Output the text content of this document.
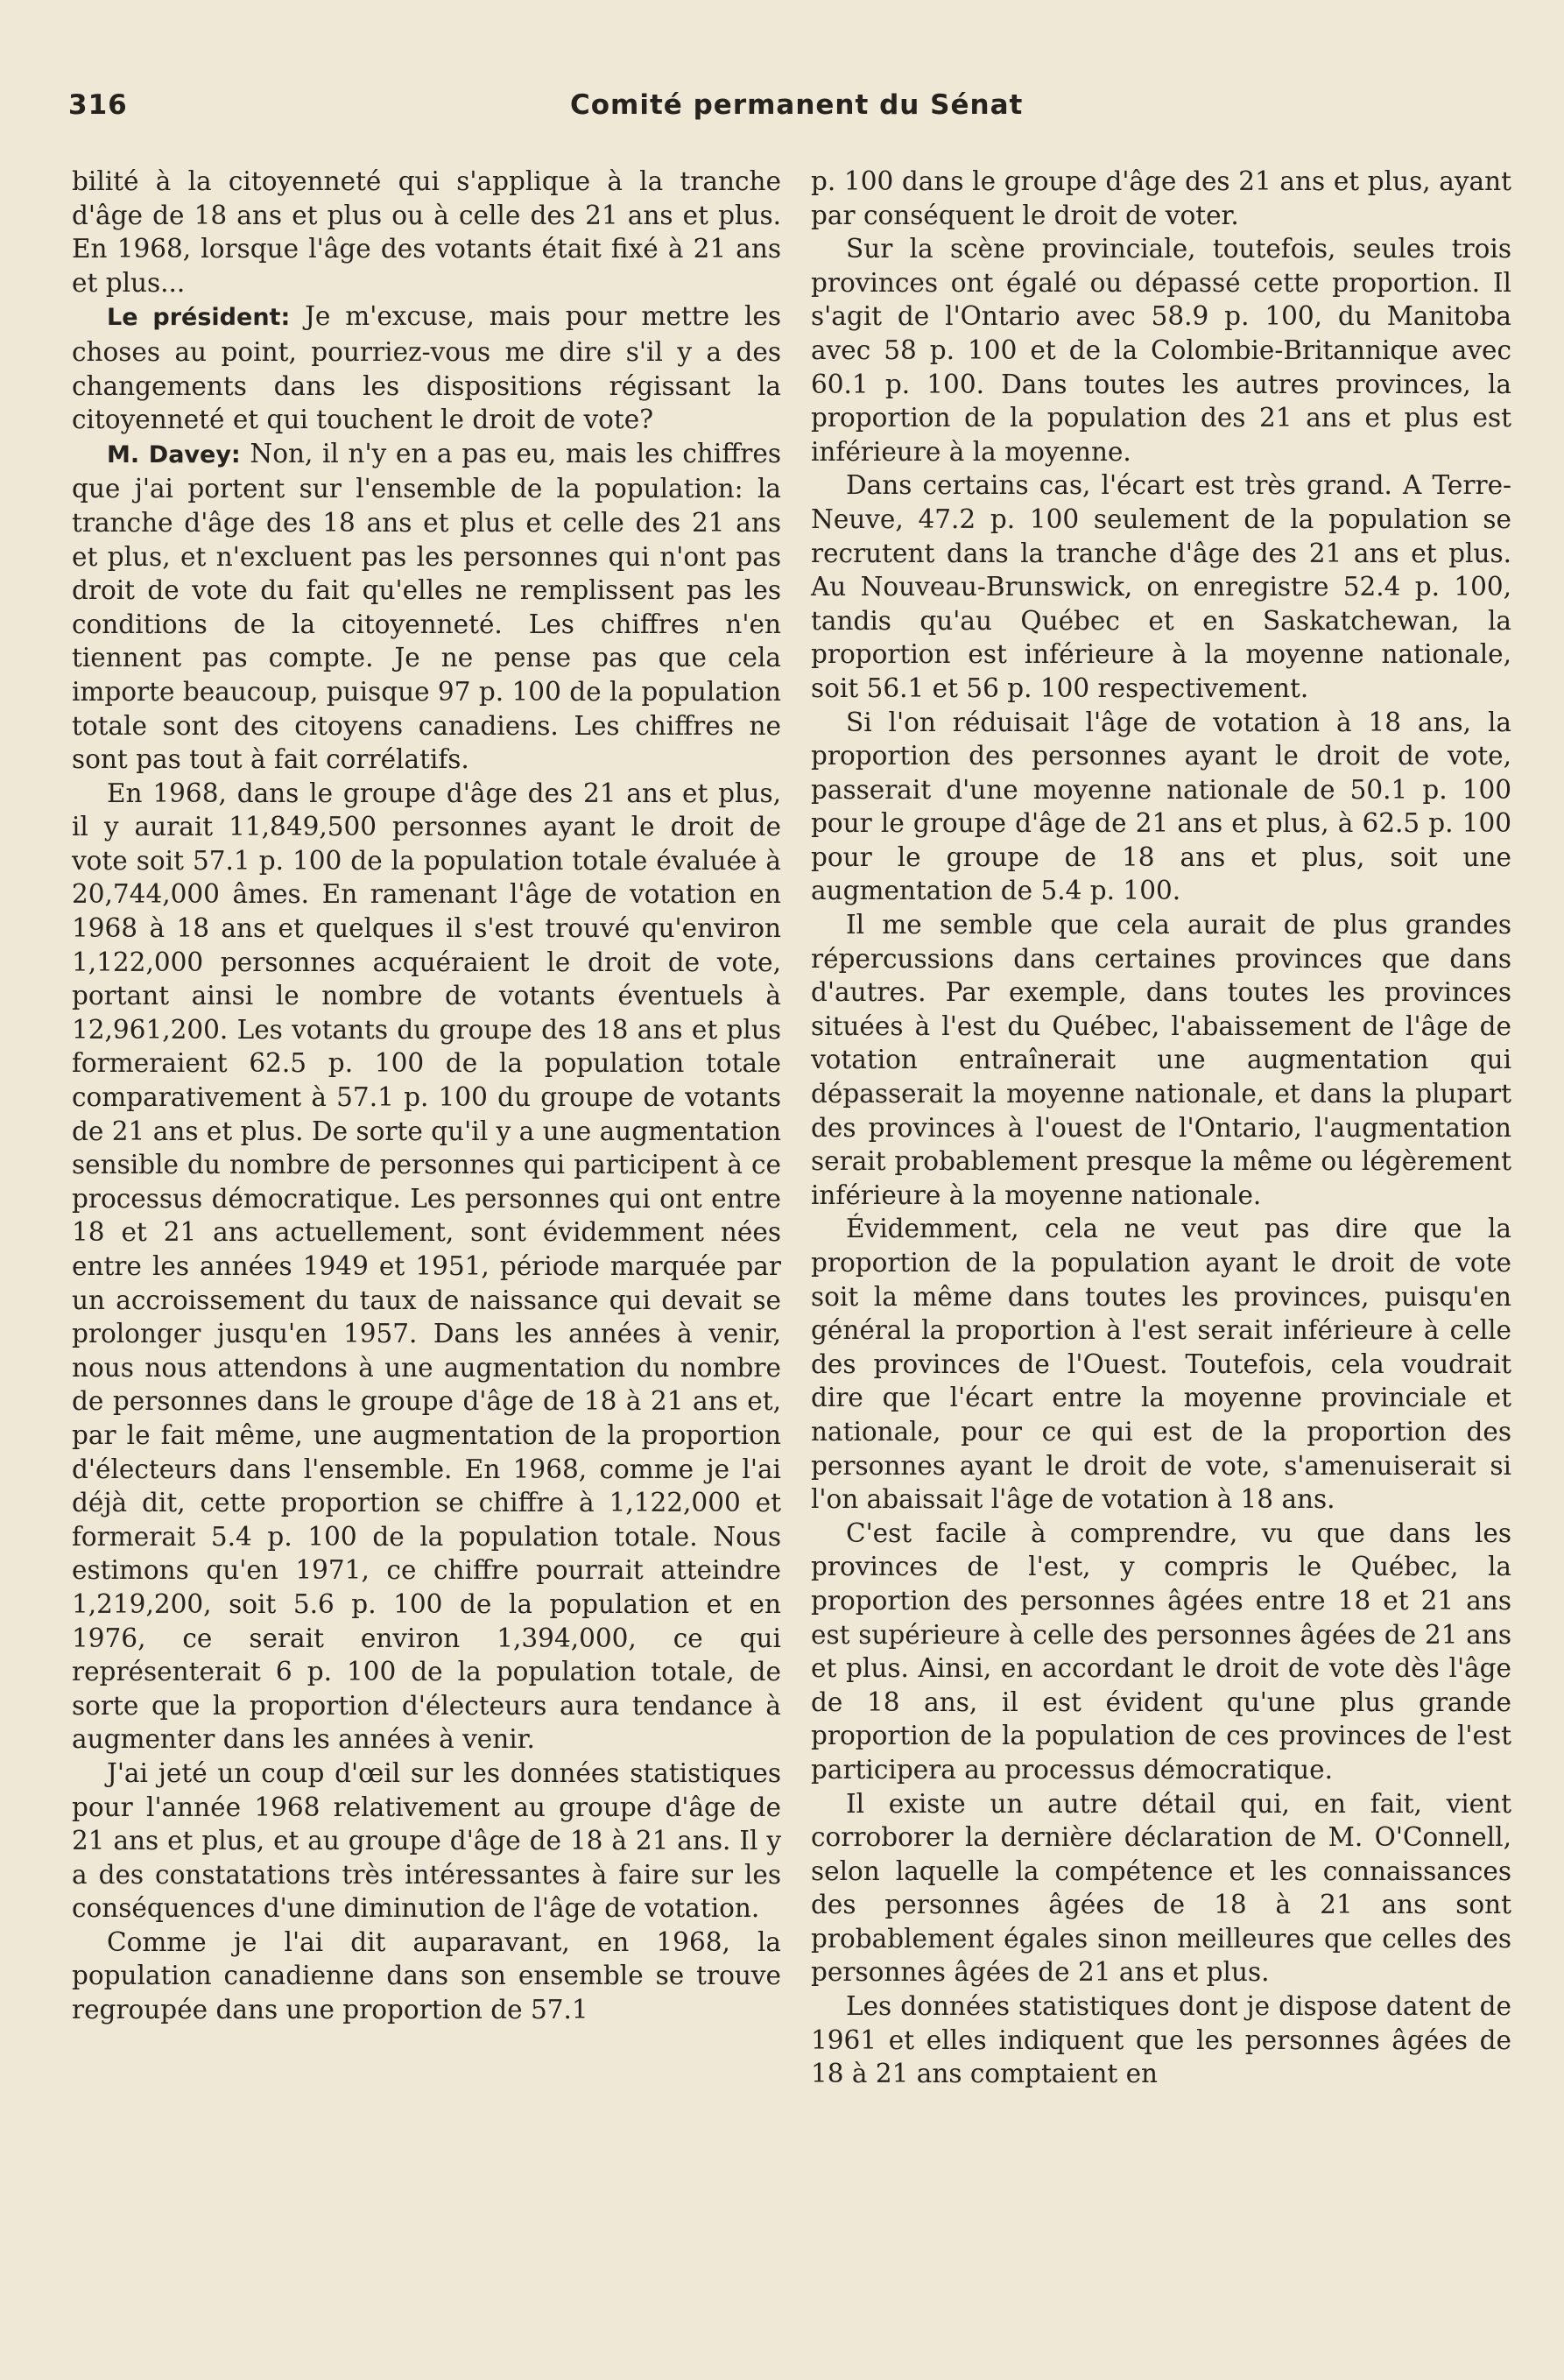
316	Comité permanent du Sénat

bilité à la citoyenneté qui s'applique à la tranche d'âge de 18 ans et plus ou à celle des 21 ans et plus. En 1968, lorsque l'âge des votants était fixé à 21 ans et plus...

Le président: Je m'excuse, mais pour mettre les choses au point, pourriez-vous me dire s'il y a des changements dans les dispositions régissant la citoyenneté et qui touchent le droit de vote?

M. Davey: Non, il n'y en a pas eu, mais les chiffres que j'ai portent sur l'ensemble de la population: la tranche d'âge des 18 ans et plus et celle des 21 ans et plus, et n'excluent pas les personnes qui n'ont pas droit de vote du fait qu'elles ne remplissent pas les conditions de la citoyenneté. Les chiffres n'en tiennent pas compte. Je ne pense pas que cela importe beaucoup, puisque 97 p. 100 de la population totale sont des citoyens canadiens. Les chiffres ne sont pas tout à fait corrélatifs.

En 1968, dans le groupe d'âge des 21 ans et plus, il y aurait 11,849,500 personnes ayant le droit de vote soit 57.1 p. 100 de la population totale évaluée à 20,744,000 âmes. En ramenant l'âge de votation en 1968 à 18 ans et quelques il s'est trouvé qu'environ 1,122,000 personnes acquéraient le droit de vote, portant ainsi le nombre de votants éventuels à 12,961,200. Les votants du groupe des 18 ans et plus formeraient 62.5 p. 100 de la population totale comparativement à 57.1 p. 100 du groupe de votants de 21 ans et plus. De sorte qu'il y a une augmentation sensible du nombre de personnes qui participent à ce processus démocratique. Les personnes qui ont entre 18 et 21 ans actuellement, sont évidemment nées entre les années 1949 et 1951, période marquée par un accroissement du taux de naissance qui devait se prolonger jusqu'en 1957. Dans les années à venir, nous nous attendons à une augmentation du nombre de personnes dans le groupe d'âge de 18 à 21 ans et, par le fait même, une augmentation de la proportion d'électeurs dans l'ensemble. En 1968, comme je l'ai déjà dit, cette proportion se chiffre à 1,122,000 et formerait 5.4 p. 100 de la population totale. Nous estimons qu'en 1971, ce chiffre pourrait atteindre 1,219,200, soit 5.6 p. 100 de la population et en 1976, ce serait environ 1,394,000, ce qui représenterait 6 p. 100 de la population totale, de sorte que la proportion d'électeurs aura tendance à augmenter dans les années à venir.

J'ai jeté un coup d'œil sur les données statistiques pour l'année 1968 relativement au groupe d'âge de 21 ans et plus, et au groupe d'âge de 18 à 21 ans. Il y a des constatations très intéressantes à faire sur les conséquences d'une diminution de l'âge de votation.

Comme je l'ai dit auparavant, en 1968, la population canadienne dans son ensemble se trouve regroupée dans une proportion de 57.1

p. 100 dans le groupe d'âge des 21 ans et plus, ayant par conséquent le droit de voter.

Sur la scène provinciale, toutefois, seules trois provinces ont égalé ou dépassé cette proportion. Il s'agit de l'Ontario avec 58.9 p. 100, du Manitoba avec 58 p. 100 et de la Colombie-Britannique avec 60.1 p. 100. Dans toutes les autres provinces, la proportion de la population des 21 ans et plus est inférieure à la moyenne.

Dans certains cas, l'écart est très grand. A Terre-Neuve, 47.2 p. 100 seulement de la population se recrutent dans la tranche d'âge des 21 ans et plus. Au Nouveau-Brunswick, on enregistre 52.4 p. 100, tandis qu'au Québec et en Saskatchewan, la proportion est inférieure à la moyenne nationale, soit 56.1 et 56 p. 100 respectivement.

Si l'on réduisait l'âge de votation à 18 ans, la proportion des personnes ayant le droit de vote, passerait d'une moyenne nationale de 50.1 p. 100 pour le groupe d'âge de 21 ans et plus, à 62.5 p. 100 pour le groupe de 18 ans et plus, soit une augmentation de 5.4 p. 100.

Il me semble que cela aurait de plus grandes répercussions dans certaines provinces que dans d'autres. Par exemple, dans toutes les provinces situées à l'est du Québec, l'abaissement de l'âge de votation entraînerait une augmentation qui dépasserait la moyenne nationale, et dans la plupart des provinces à l'ouest de l'Ontario, l'augmentation serait probablement presque la même ou légèrement inférieure à la moyenne nationale.

Évidemment, cela ne veut pas dire que la proportion de la population ayant le droit de vote soit la même dans toutes les provinces, puisqu'en général la proportion à l'est serait inférieure à celle des provinces de l'Ouest. Toutefois, cela voudrait dire que l'écart entre la moyenne provinciale et nationale, pour ce qui est de la proportion des personnes ayant le droit de vote, s'amenuiserait si l'on abaissait l'âge de votation à 18 ans.

C'est facile à comprendre, vu que dans les provinces de l'est, y compris le Québec, la proportion des personnes âgées entre 18 et 21 ans est supérieure à celle des personnes âgées de 21 ans et plus. Ainsi, en accordant le droit de vote dès l'âge de 18 ans, il est évident qu'une plus grande proportion de la population de ces provinces de l'est participera au processus démocratique.

Il existe un autre détail qui, en fait, vient corroborer la dernière déclaration de M. O'Connell, selon laquelle la compétence et les connaissances des personnes âgées de 18 à 21 ans sont probablement égales sinon meilleures que celles des personnes âgées de 21 ans et plus.

Les données statistiques dont je dispose datent de 1961 et elles indiquent que les personnes âgées de 18 à 21 ans comptaient en
